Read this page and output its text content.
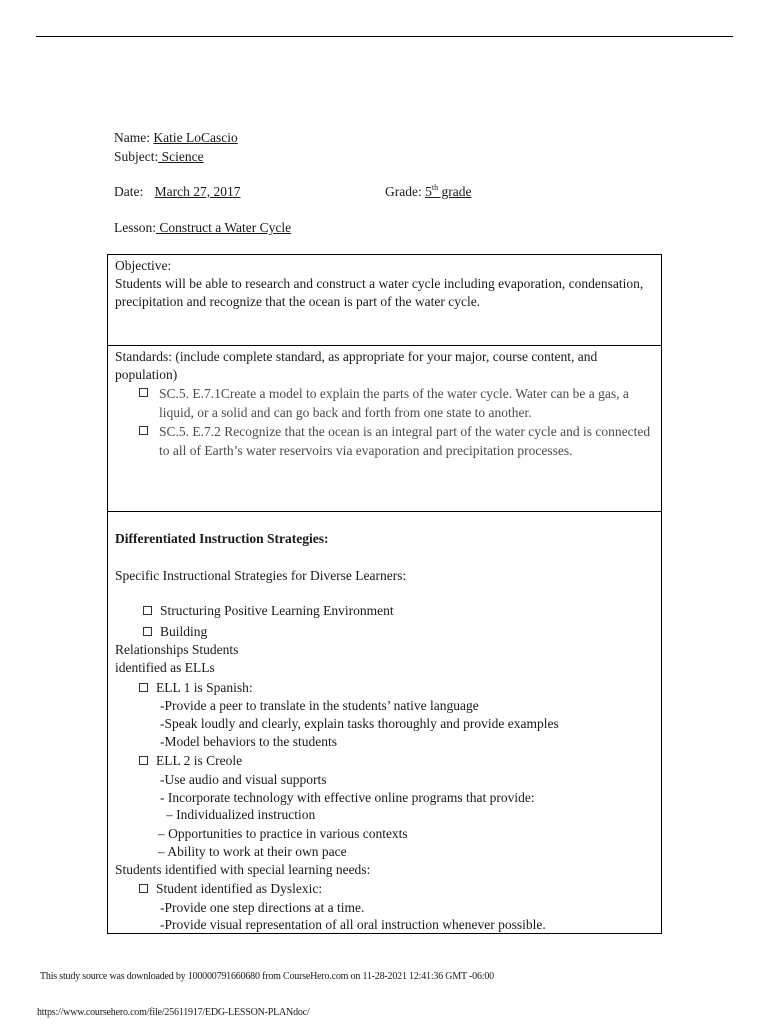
Name: Katie LoCascio
Subject: Science
Date: March 27, 2017	Grade: 5th grade
Lesson: Construct a Water Cycle
Objective:
Students will be able to research and construct a water cycle including evaporation, condensation, precipitation and recognize that the ocean is part of the water cycle.
Standards: (include complete standard, as appropriate for your major, course content, and population)
SC.5. E.7.1Create a model to explain the parts of the water cycle. Water can be a gas, a liquid, or a solid and can go back and forth from one state to another.
SC.5. E.7.2 Recognize that the ocean is an integral part of the water cycle and is connected to all of Earth’s water reservoirs via evaporation and precipitation processes.
Differentiated Instruction Strategies:
Specific Instructional Strategies for Diverse Learners:
Structuring Positive Learning Environment
Building
Relationships Students
identified as ELLs
ELL 1 is Spanish:
-Provide a peer to translate in the students’ native language
-Speak loudly and clearly, explain tasks thoroughly and provide examples
-Model behaviors to the students
ELL 2 is Creole
-Use audio and visual supports
- Incorporate technology with effective online programs that provide:
– Individualized instruction
– Opportunities to practice in various contexts
– Ability to work at their own pace
Students identified with special learning needs:
Student identified as Dyslexic:
-Provide one step directions at a time.
-Provide visual representation of all oral instruction whenever possible.
This study source was downloaded by 100000791660680 from CourseHero.com on 11-28-2021 12:41:36 GMT -06:00
https://www.coursehero.com/file/25611917/EDG-LESSON-PLANdoc/
